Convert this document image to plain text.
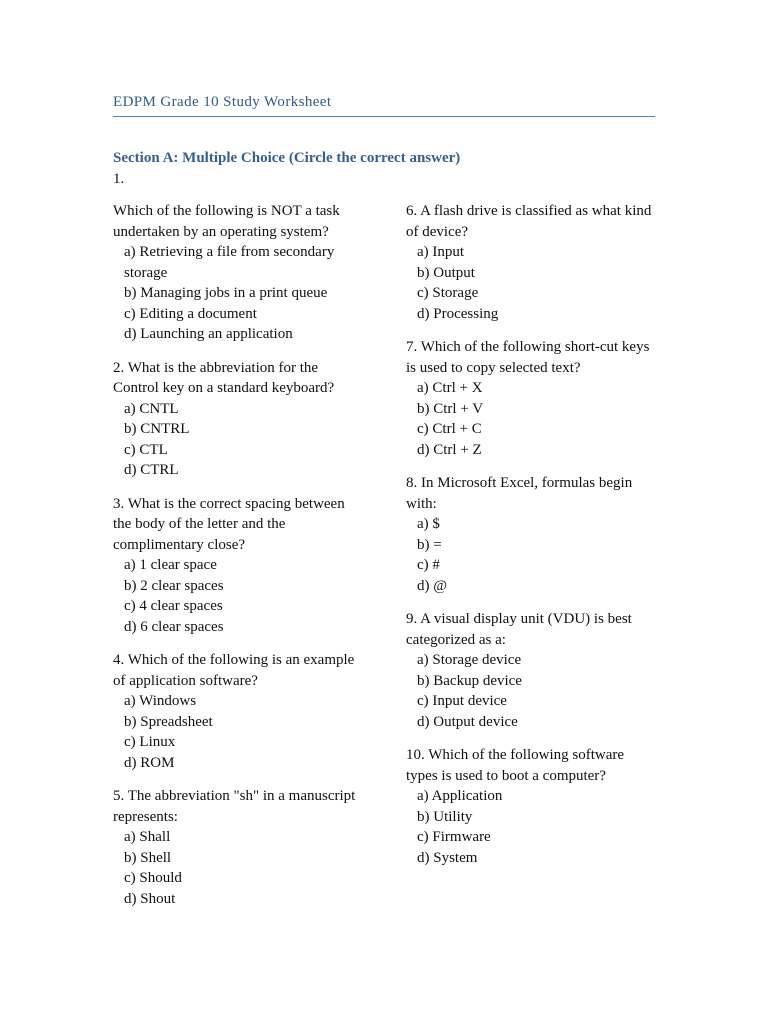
EDPM Grade 10 Study Worksheet
Section A: Multiple Choice (Circle the correct answer)
1.
Which of the following is NOT a task undertaken by an operating system?
a) Retrieving a file from secondary storage
b) Managing jobs in a print queue
c) Editing a document
d) Launching an application
2. What is the abbreviation for the Control key on a standard keyboard?
a) CNTL
b) CNTRL
c) CTL
d) CTRL
3. What is the correct spacing between the body of the letter and the complimentary close?
a) 1 clear space
b) 2 clear spaces
c) 4 clear spaces
d) 6 clear spaces
4. Which of the following is an example of application software?
a) Windows
b) Spreadsheet
c) Linux
d) ROM
5. The abbreviation "sh" in a manuscript represents:
a) Shall
b) Shell
c) Should
d) Shout
6. A flash drive is classified as what kind of device?
a) Input
b) Output
c) Storage
d) Processing
7. Which of the following short-cut keys is used to copy selected text?
a) Ctrl + X
b) Ctrl + V
c) Ctrl + C
d) Ctrl + Z
8. In Microsoft Excel, formulas begin with:
a) $
b) =
c) #
d) @
9. A visual display unit (VDU) is best categorized as a:
a) Storage device
b) Backup device
c) Input device
d) Output device
10. Which of the following software types is used to boot a computer?
a) Application
b) Utility
c) Firmware
d) System
